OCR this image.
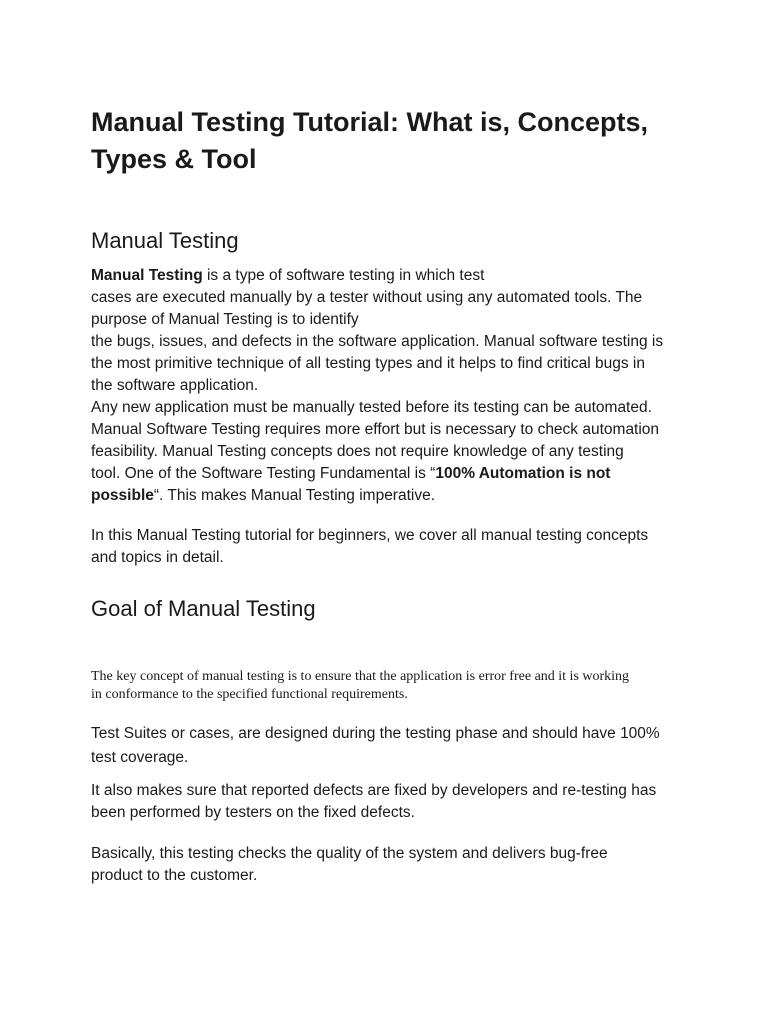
Manual Testing Tutorial: What is, Concepts,
Types & Tool
Manual Testing
Manual Testing is a type of software testing in which test
cases are executed manually by a tester without using any automated tools. The
purpose of Manual Testing is to identify
the bugs, issues, and defects in the software application. Manual software testing is
the most primitive technique of all testing types and it helps to find critical bugs in
the software application.
Any new application must be manually tested before its testing can be automated.
Manual Software Testing requires more effort but is necessary to check automation
feasibility. Manual Testing concepts does not require knowledge of any testing
tool. One of the Software Testing Fundamental is “100% Automation is not
possible“. This makes Manual Testing imperative.
In this Manual Testing tutorial for beginners, we cover all manual testing concepts
and topics in detail.
Goal of Manual Testing
The key concept of manual testing is to ensure that the application is error free and it is working
in conformance to the specified functional requirements.
Test Suites or cases, are designed during the testing phase and should have 100%
test coverage.
It also makes sure that reported defects are fixed by developers and re-testing has
been performed by testers on the fixed defects.
Basically, this testing checks the quality of the system and delivers bug-free
product to the customer.
